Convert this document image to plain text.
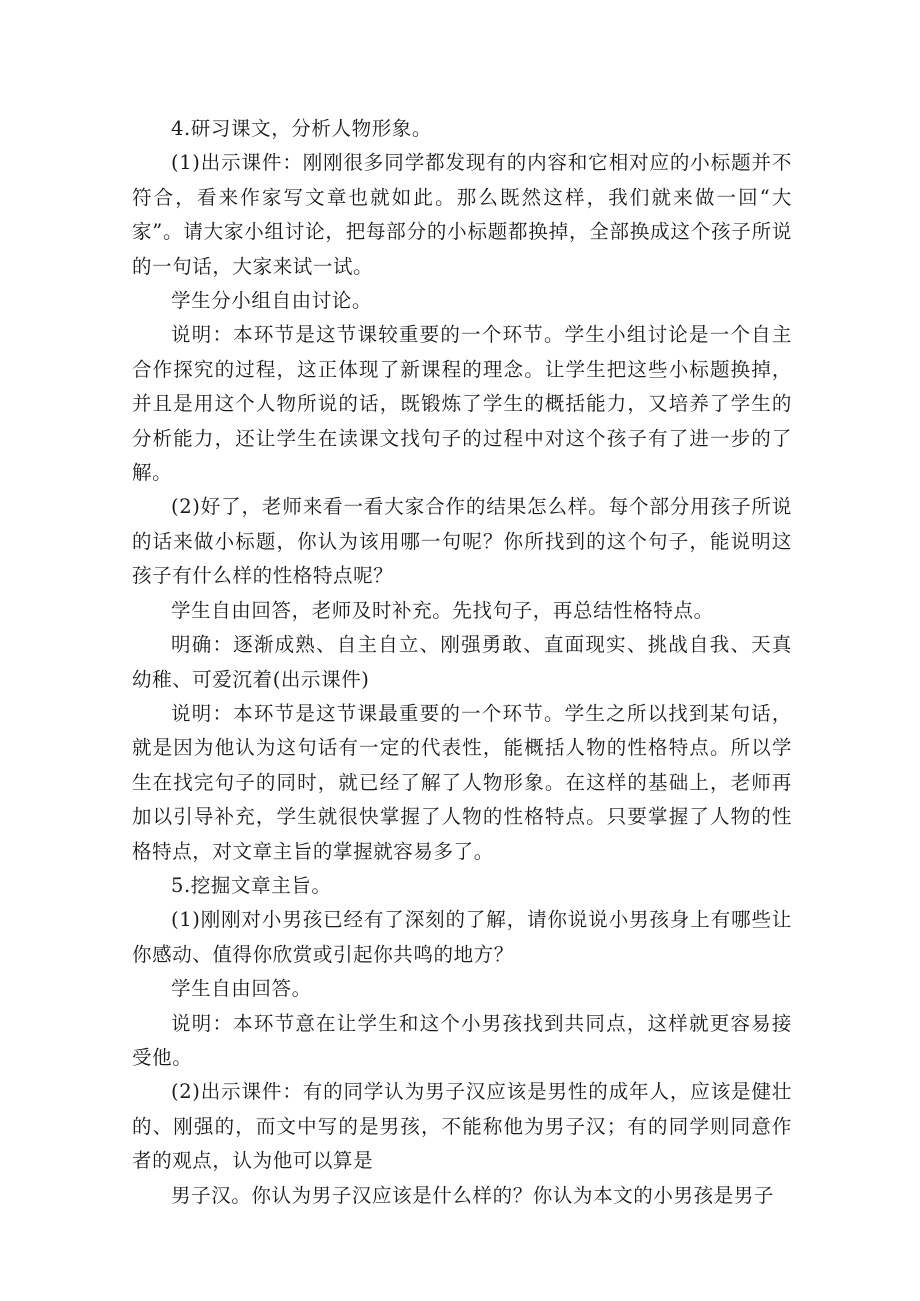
4.研习课文，分析人物形象。

(1)出示课件：刚刚很多同学都发现有的内容和它相对应的小标题并不符合，看来作家写文章也就如此。那么既然这样，我们就来做一回“大家”。请大家小组讨论，把每部分的小标题都换掉，全部换成这个孩子所说的一句话，大家来试一试。

学生分小组自由讨论。

说明：本环节是这节课较重要的一个环节。学生小组讨论是一个自主合作探究的过程，这正体现了新课程的理念。让学生把这些小标题换掉，并且是用这个人物所说的话，既锻炼了学生的概括能力，又培养了学生的分析能力，还让学生在读课文找句子的过程中对这个孩子有了进一步的了解。

(2)好了，老师来看一看大家合作的结果怎么样。每个部分用孩子所说的话来做小标题，你认为该用哪一句呢？你所找到的这个句子，能说明这孩子有什么样的性格特点呢？

学生自由回答，老师及时补充。先找句子，再总结性格特点。

明确：逐渐成熟、自主自立、刚强勇敢、直面现实、挑战自我、天真幼稚、可爱沉着(出示课件)

说明：本环节是这节课最重要的一个环节。学生之所以找到某句话，就是因为他认为这句话有一定的代表性，能概括人物的性格特点。所以学生在找完句子的同时，就已经了解了人物形象。在这样的基础上，老师再加以引导补充，学生就很快掌握了人物的性格特点。只要掌握了人物的性格特点，对文章主旨的掌握就容易多了。

5.挖掘文章主旨。

(1)刚刚对小男孩已经有了深刻的了解，请你说说小男孩身上有哪些让你感动、值得你欣赏或引起你共鸣的地方？

学生自由回答。

说明：本环节意在让学生和这个小男孩找到共同点，这样就更容易接受他。

(2)出示课件：有的同学认为男子汉应该是男性的成年人，应该是健壮的、刚强的，而文中写的是男孩，不能称他为男子汉；有的同学则同意作者的观点，认为他可以算是

男子汉。你认为男子汉应该是什么样的？你认为本文的小男孩是男子
